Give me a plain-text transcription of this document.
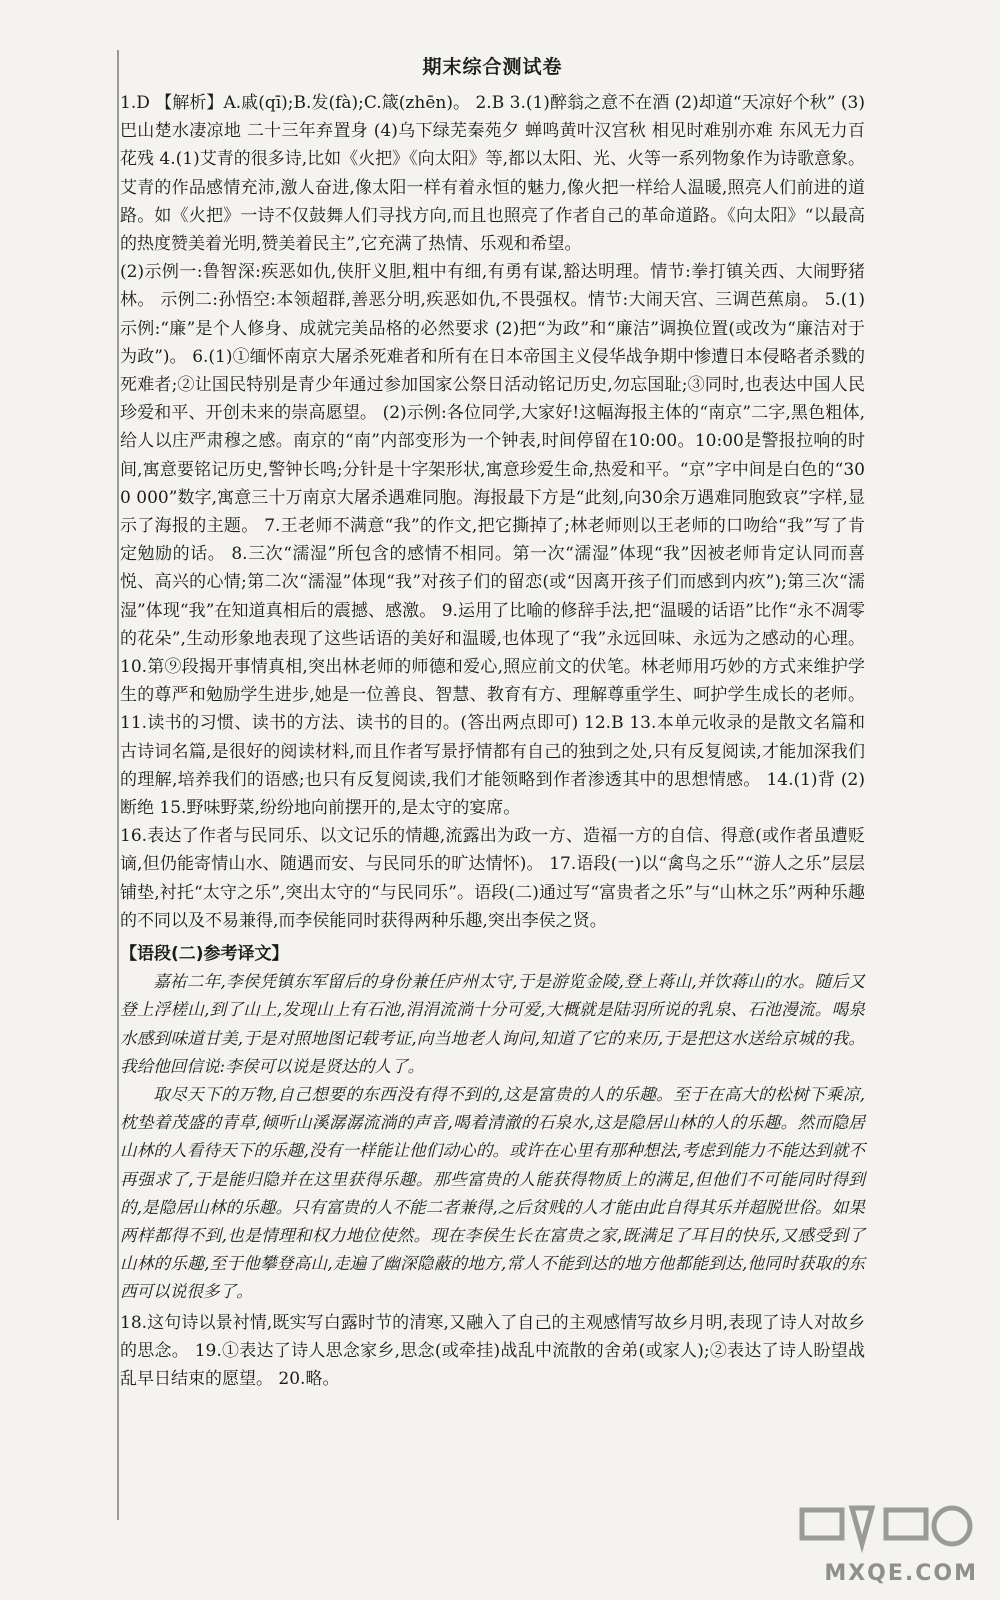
期末综合测试卷

1.D 【解析】A.戚(qī);B.发(fà);C.箴(zhēn)。 2.B 3.(1)醉翁之意不在酒 (2)却道“天凉好个秋” (3)巴山楚水凄凉地 二十三年弃置身 (4)乌下绿芜秦苑夕 蝉鸣黄叶汉宫秋 相见时难别亦难 东风无力百花残 4.(1)艾青的很多诗,比如《火把》《向太阳》等,都以太阳、光、火等一系列物象作为诗歌意象。艾青的作品感情充沛,激人奋进,像太阳一样有着永恒的魅力,像火把一样给人温暖,照亮人们前进的道路。如《火把》一诗不仅鼓舞人们寻找方向,而且也照亮了作者自己的革命道路。《向太阳》“以最高的热度赞美着光明,赞美着民主”,它充满了热情、乐观和希望。

(2)示例一:鲁智深:疾恶如仇,侠肝义胆,粗中有细,有勇有谋,豁达明理。情节:拳打镇关西、大闹野猪林。 示例二:孙悟空:本领超群,善恶分明,疾恶如仇,不畏强权。情节:大闹天宫、三调芭蕉扇。 5.(1)示例:“廉”是个人修身、成就完美品格的必然要求 (2)把“为政”和“廉洁”调换位置(或改为“廉洁对于为政”)。 6.(1)①缅怀南京大屠杀死难者和所有在日本帝国主义侵华战争期中惨遭日本侵略者杀戮的死难者;②让国民特别是青少年通过参加国家公祭日活动铭记历史,勿忘国耻;③同时,也表达中国人民珍爱和平、开创未来的崇高愿望。 (2)示例:各位同学,大家好!这幅海报主体的“南京”二字,黑色粗体,给人以庄严肃穆之感。南京的“南”内部变形为一个钟表,时间停留在10:00。10:00是警报拉响的时间,寓意要铭记历史,警钟长鸣;分针是十字架形状,寓意珍爱生命,热爱和平。“京”字中间是白色的“300 000”数字,寓意三十万南京大屠杀遇难同胞。海报最下方是“此刻,向30余万遇难同胞致哀”字样,显示了海报的主题。 7.王老师不满意“我”的作文,把它撕掉了;林老师则以王老师的口吻给“我”写了肯定勉励的话。 8.三次“濡湿”所包含的感情不相同。第一次“濡湿”体现“我”因被老师肯定认同而喜悦、高兴的心情;第二次“濡湿”体现“我”对孩子们的留恋(或“因离开孩子们而感到内疚”);第三次“濡湿”体现“我”在知道真相后的震撼、感激。 9.运用了比喻的修辞手法,把“温暖的话语”比作“永不凋零的花朵”,生动形象地表现了这些话语的美好和温暖,也体现了“我”永远回味、永远为之感动的心理。 10.第⑨段揭开事情真相,突出林老师的师德和爱心,照应前文的伏笔。林老师用巧妙的方式来维护学生的尊严和勉励学生进步,她是一位善良、智慧、教育有方、理解尊重学生、呵护学生成长的老师。 11.读书的习惯、读书的方法、读书的目的。(答出两点即可) 12.B 13.本单元收录的是散文名篇和古诗词名篇,是很好的阅读材料,而且作者写景抒情都有自己的独到之处,只有反复阅读,才能加深我们的理解,培养我们的语感;也只有反复阅读,我们才能领略到作者渗透其中的思想情感。 14.(1)背 (2)断绝 15.野味野菜,纷纷地向前摆开的,是太守的宴席。

16.表达了作者与民同乐、以文记乐的情趣,流露出为政一方、造福一方的自信、得意(或作者虽遭贬谪,但仍能寄情山水、随遇而安、与民同乐的旷达情怀)。 17.语段(一)以“禽鸟之乐”“游人之乐”层层铺垫,衬托“太守之乐”,突出太守的“与民同乐”。语段(二)通过写“富贵者之乐”与“山林之乐”两种乐趣的不同以及不易兼得,而李侯能同时获得两种乐趣,突出李侯之贤。

【语段(二)参考译文】

嘉祐二年,李侯凭镇东军留后的身份兼任庐州太守,于是游览金陵,登上蒋山,并饮蒋山的水。随后又登上浮槎山,到了山上,发现山上有石池,涓涓流淌十分可爱,大概就是陆羽所说的乳泉、石池漫流。喝泉水感到味道甘美,于是对照地图记载考证,向当地老人询问,知道了它的来历,于是把这水送给京城的我。我给他回信说:李侯可以说是贤达的人了。

取尽天下的万物,自己想要的东西没有得不到的,这是富贵的人的乐趣。至于在高大的松树下乘凉,枕垫着茂盛的青草,倾听山溪潺潺流淌的声音,喝着清澈的石泉水,这是隐居山林的人的乐趣。然而隐居山林的人看待天下的乐趣,没有一样能让他们动心的。或许在心里有那种想法,考虑到能力不能达到就不再强求了,于是能归隐并在这里获得乐趣。那些富贵的人能获得物质上的满足,但他们不可能同时得到的,是隐居山林的乐趣。只有富贵的人不能二者兼得,之后贫贱的人才能由此自得其乐并超脱世俗。如果两样都得不到,也是情理和权力地位使然。现在李侯生长在富贵之家,既满足了耳目的快乐,又感受到了山林的乐趣,至于他攀登高山,走遍了幽深隐蔽的地方,常人不能到达的地方他都能到达,他同时获取的东西可以说很多了。

18.这句诗以景衬情,既实写白露时节的清寒,又融入了自己的主观感情写故乡月明,表现了诗人对故乡的思念。 19.①表达了诗人思念家乡,思念(或牵挂)战乱中流散的舍弟(或家人);②表达了诗人盼望战乱早日结束的愿望。 20.略。

MXQE.COM
